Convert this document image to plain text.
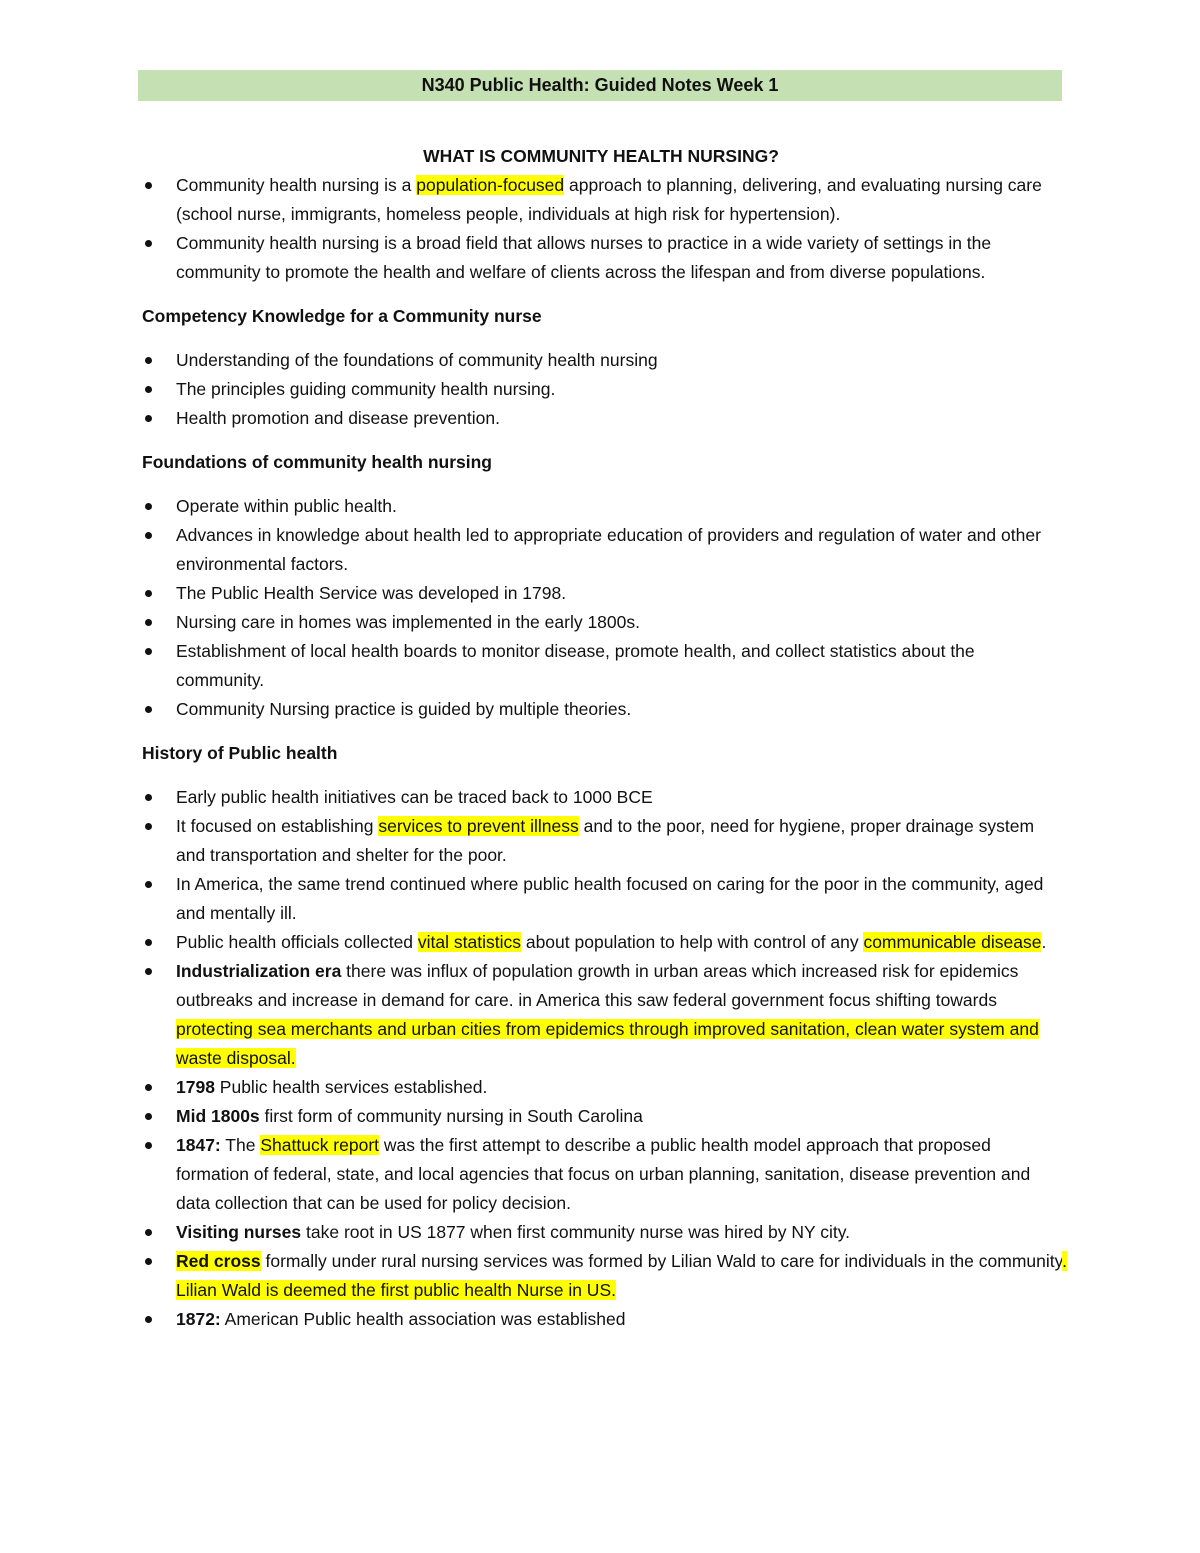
N340 Public Health: Guided Notes Week 1
WHAT IS COMMUNITY HEALTH NURSING?
Community health nursing is a population-focused approach to planning, delivering, and evaluating nursing care (school nurse, immigrants, homeless people, individuals at high risk for hypertension).
Community health nursing is a broad field that allows nurses to practice in a wide variety of settings in the community to promote the health and welfare of clients across the lifespan and from diverse populations.
Competency Knowledge for a Community nurse
Understanding of the foundations of community health nursing
The principles guiding community health nursing.
Health promotion and disease prevention.
Foundations of community health nursing
Operate within public health.
Advances in knowledge about health led to appropriate education of providers and regulation of water and other environmental factors.
The Public Health Service was developed in 1798.
Nursing care in homes was implemented in the early 1800s.
Establishment of local health boards to monitor disease, promote health, and collect statistics about the community.
Community Nursing practice is guided by multiple theories.
History of Public health
Early public health initiatives can be traced back to 1000 BCE
It focused on establishing services to prevent illness and to the poor, need for hygiene, proper drainage system and transportation and shelter for the poor.
In America, the same trend continued where public health focused on caring for the poor in the community, aged and mentally ill.
Public health officials collected vital statistics about population to help with control of any communicable disease.
Industrialization era there was influx of population growth in urban areas which increased risk for epidemics outbreaks and increase in demand for care. in America this saw federal government focus shifting towards protecting sea merchants and urban cities from epidemics through improved sanitation, clean water system and waste disposal.
1798 Public health services established.
Mid 1800s first form of community nursing in South Carolina
1847: The Shattuck report was the first attempt to describe a public health model approach that proposed formation of federal, state, and local agencies that focus on urban planning, sanitation, disease prevention and data collection that can be used for policy decision.
Visiting nurses take root in US 1877 when first community nurse was hired by NY city.
Red cross formally under rural nursing services was formed by Lilian Wald to care for individuals in the community. Lilian Wald is deemed the first public health Nurse in US.
1872: American Public health association was established
